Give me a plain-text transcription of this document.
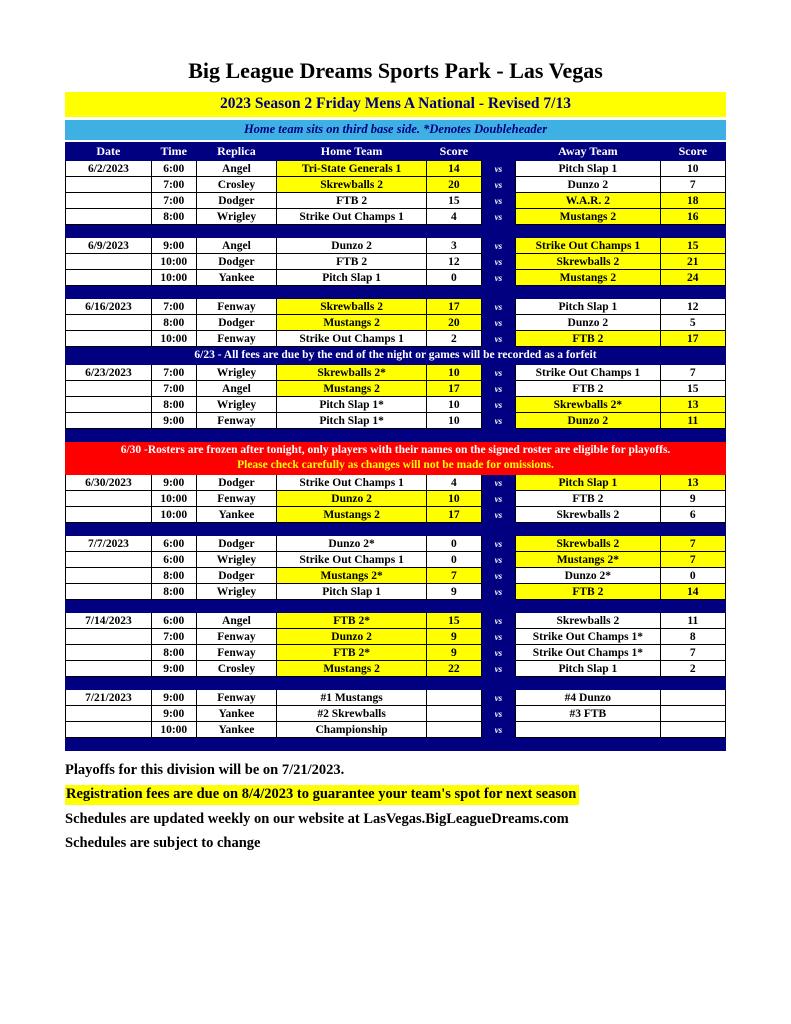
Big League Dreams Sports Park - Las Vegas
2023 Season 2 Friday Mens A National - Revised 7/13
Home team sits on third base side. *Denotes Doubleheader
Date	Time	Replica	Home Team	Score		Away Team	Score
6/2/2023	6:00	Angel	Tri-State Generals 1	14	vs	Pitch Slap 1	10
	7:00	Crosley	Skrewballs 2	20	vs	Dunzo 2	7
	7:00	Dodger	FTB 2	15	vs	W.A.R. 2	18
	8:00	Wrigley	Strike Out Champs 1	4	vs	Mustangs 2	16

6/9/2023	9:00	Angel	Dunzo 2	3	vs	Strike Out Champs 1	15
	10:00	Dodger	FTB 2	12	vs	Skrewballs 2	21
	10:00	Yankee	Pitch Slap 1	0	vs	Mustangs 2	24

6/16/2023	7:00	Fenway	Skrewballs 2	17	vs	Pitch Slap 1	12
	8:00	Dodger	Mustangs 2	20	vs	Dunzo 2	5
	10:00	Fenway	Strike Out Champs 1	2	vs	FTB 2	17

6/23 - All fees are due by the end of the night or games will be recorded as a forfeit							

6/23/2023	7:00	Wrigley	Skrewballs 2*	10	vs	Strike Out Champs 1	7
	7:00	Angel	Mustangs 2	17	vs	FTB 2	15
	8:00	Wrigley	Pitch Slap 1*	10	vs	Skrewballs 2*	13
	9:00	Fenway	Pitch Slap 1*	10	vs	Dunzo 2	11

6/30 -Rosters are frozen after tonight, only players with their names on the signed roster are eligible for playoffs.
Please check carefully as changes will not be made for omissions.							

6/30/2023	9:00	Dodger	Strike Out Champs 1	4	vs	Pitch Slap 1	13
	10:00	Fenway	Dunzo 2	10	vs	FTB 2	9
	10:00	Yankee	Mustangs 2	17	vs	Skrewballs 2	6

7/7/2023	6:00	Dodger	Dunzo 2*	0	vs	Skrewballs 2	7
	6:00	Wrigley	Strike Out Champs 1	0	vs	Mustangs 2*	7
	8:00	Dodger	Mustangs 2*	7	vs	Dunzo 2*	0
	8:00	Wrigley	Pitch Slap 1	9	vs	FTB 2	14

7/14/2023	6:00	Angel	FTB 2*	15	vs	Skrewballs 2	11
	7:00	Fenway	Dunzo 2	9	vs	Strike Out Champs 1*	8
	8:00	Fenway	FTB 2*	9	vs	Strike Out Champs 1*	7
	9:00	Crosley	Mustangs 2	22	vs	Pitch Slap 1	2

7/21/2023	9:00	Fenway	#1 Mustangs		vs	#4 Dunzo	
	9:00	Yankee	#2 Skrewballs		vs	#3 FTB	
	10:00	Yankee	Championship		vs		

Playoffs for this division will be on 7/21/2023.
Registration fees are due on 8/4/2023 to guarantee your team's spot for next season
Schedules are updated weekly on our website at LasVegas.BigLeagueDreams.com
Schedules are subject to change
